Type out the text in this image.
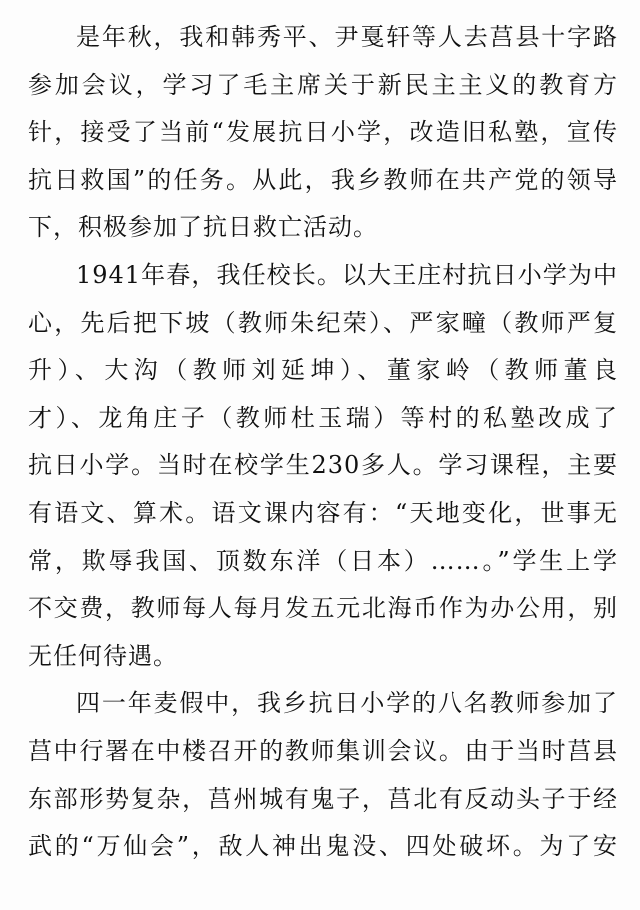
是年秋，我和韩秀平、尹戛轩等人去莒县十字路
参加会议，学习了毛主席关于新民主主义的教育方
针，接受了当前“发展抗日小学，改造旧私塾，宣传
抗日救国”的任务。从此，我乡教师在共产党的领导
下，积极参加了抗日救亡活动。
1941年春，我任校长。以大王庄村抗日小学为中
心，先后把下坡（教师朱纪荣）、严家疃（教师严复
升）、大沟（教师刘延坤）、董家岭（教师董良
才）、龙角庄子（教师杜玉瑞）等村的私塾改成了
抗日小学。当时在校学生230多人。学习课程，主要
有语文、算术。语文课内容有：“天地变化，世事无
常，欺辱我国、顶数东洋（日本）……。”学生上学
不交费，教师每人每月发五元北海币作为办公用，别
无任何待遇。
四一年麦假中，我乡抗日小学的八名教师参加了
莒中行署在中楼召开的教师集训会议。由于当时莒县
东部形势复杂，莒州城有鬼子，莒北有反动头子于经
武的“万仙会”，敌人神出鬼没、四处破坏。为了安
